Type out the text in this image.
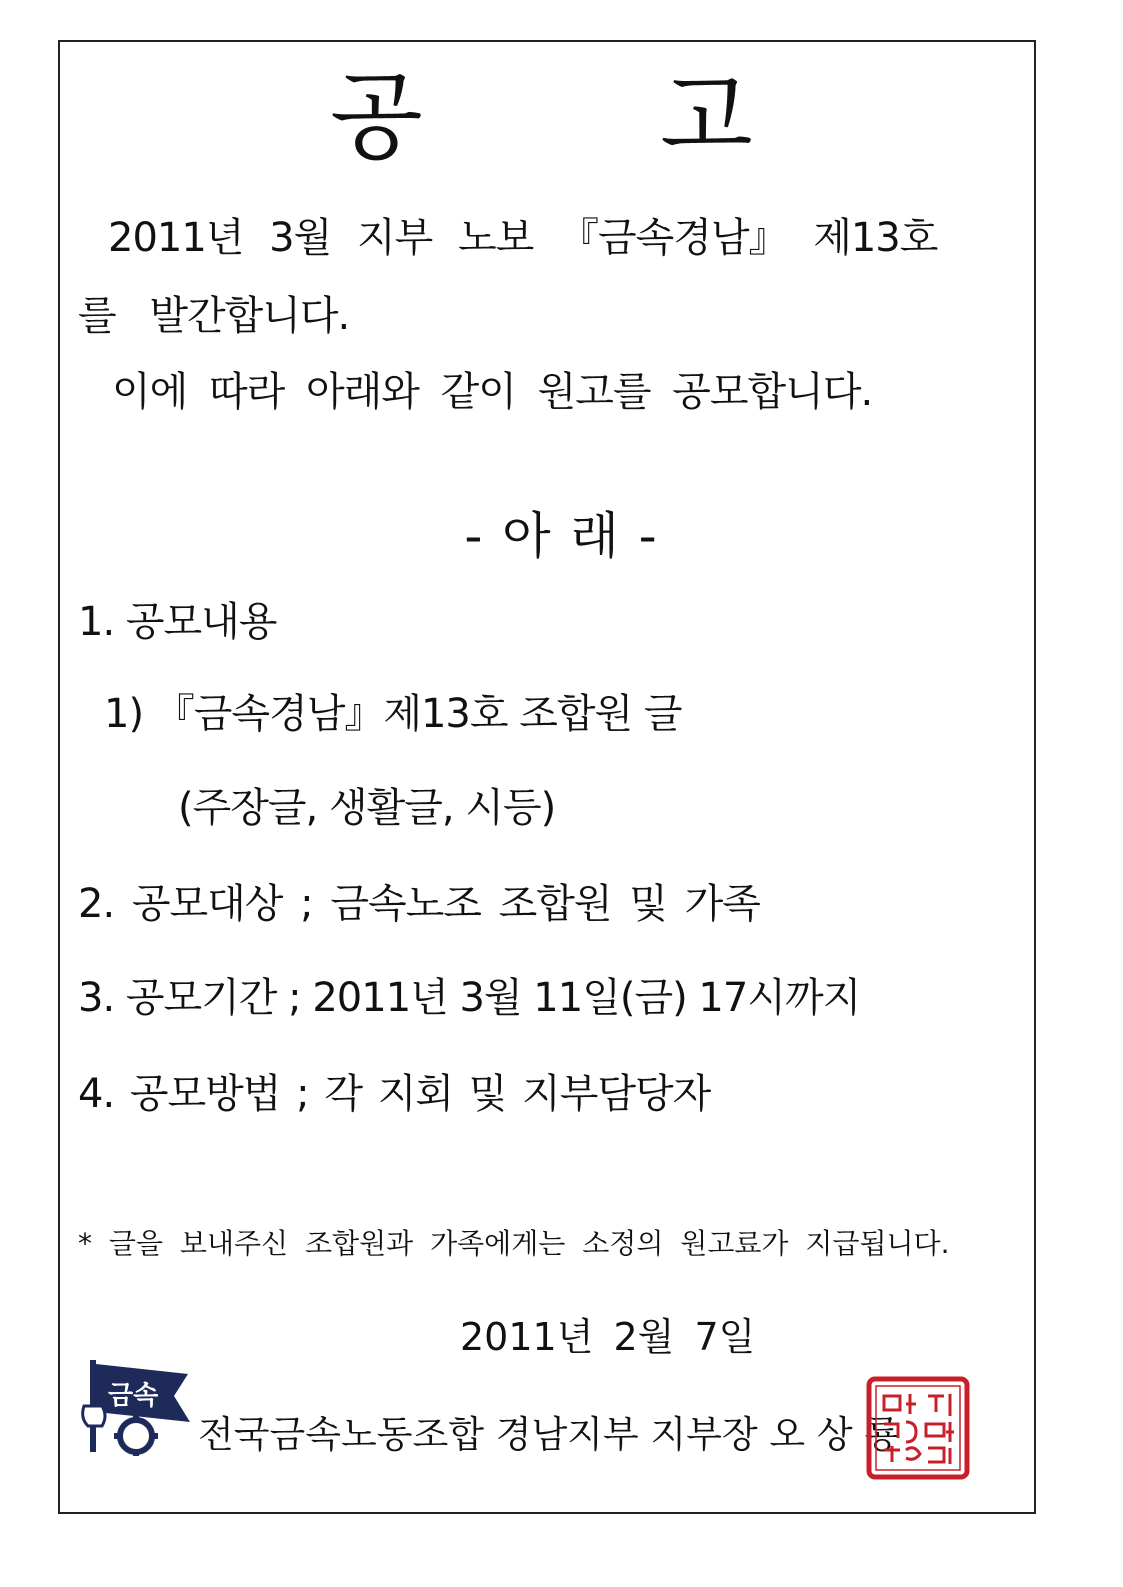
공 고
2011년 3월 지부 노보 『금속경남』 제13호
를 발간합니다.
이에 따라 아래와 같이 원고를 공모합니다.
- 아 래 -
1. 공모내용
1) 『금속경남』제13호 조합원 글
(주장글, 생활글, 시등)
2. 공모대상 ; 금속노조 조합원 및 가족
3. 공모기간 ; 2011년 3월 11일(금) 17시까지
4. 공모방법 ; 각 지회 및 지부담당자
* 글을 보내주신 조합원과 가족에게는 소정의 원고료가 지급됩니다.
2011년 2월 7일
금속
전국금속노동조합 경남지부 지부장 오 상 룡
